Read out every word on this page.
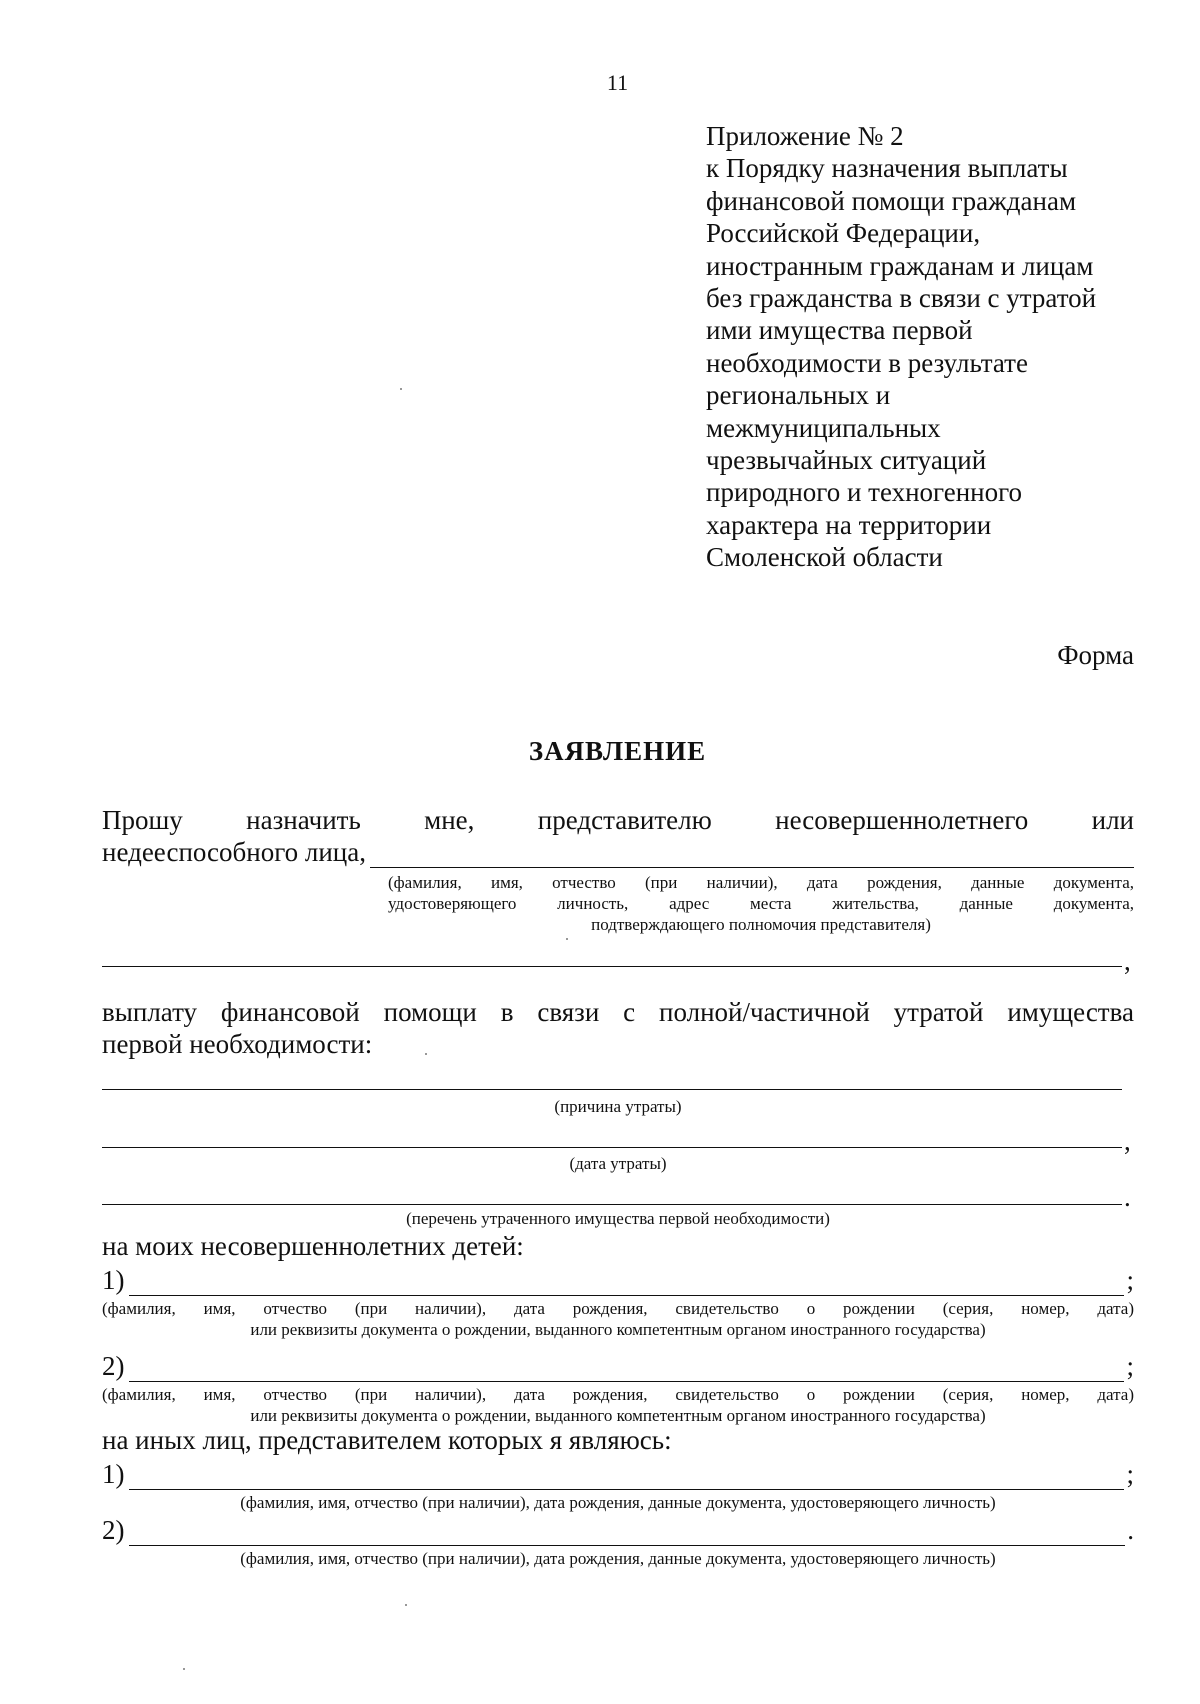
11
Приложение № 2
к Порядку назначения выплаты
финансовой помощи гражданам
Российской Федерации,
иностранным гражданам и лицам
без гражданства в связи с утратой
ими имущества первой
необходимости в результате
региональных и
межмуниципальных
чрезвычайных ситуаций
природного и техногенного
характера на территории
Смоленской области
Форма
ЗАЯВЛЕНИЕ
Прошу назначить мне, представителю несовершеннолетнего или
недееспособного лица,
(фамилия, имя, отчество (при наличии), дата рождения, данные документа,
удостоверяющего личность, адрес места жительства, данные документа,
подтверждающего полномочия представителя)
,
выплату финансовой помощи в связи с полной/частичной утратой имущества
первой необходимости:
(причина утраты)
,
(дата утраты)
.
(перечень утраченного имущества первой необходимости)
на моих несовершеннолетних детей:
1)	;
(фамилия, имя, отчество (при наличии), дата рождения, свидетельство о рождении (серия, номер, дата)
или реквизиты документа о рождении, выданного компетентным органом иностранного государства)
2)	;
(фамилия, имя, отчество (при наличии), дата рождения, свидетельство о рождении (серия, номер, дата)
или реквизиты документа о рождении, выданного компетентным органом иностранного государства)
на иных лиц, представителем которых я являюсь:
1)	;
(фамилия, имя, отчество (при наличии), дата рождения, данные документа, удостоверяющего личность)
2)	.
(фамилия, имя, отчество (при наличии), дата рождения, данные документа, удостоверяющего личность)
